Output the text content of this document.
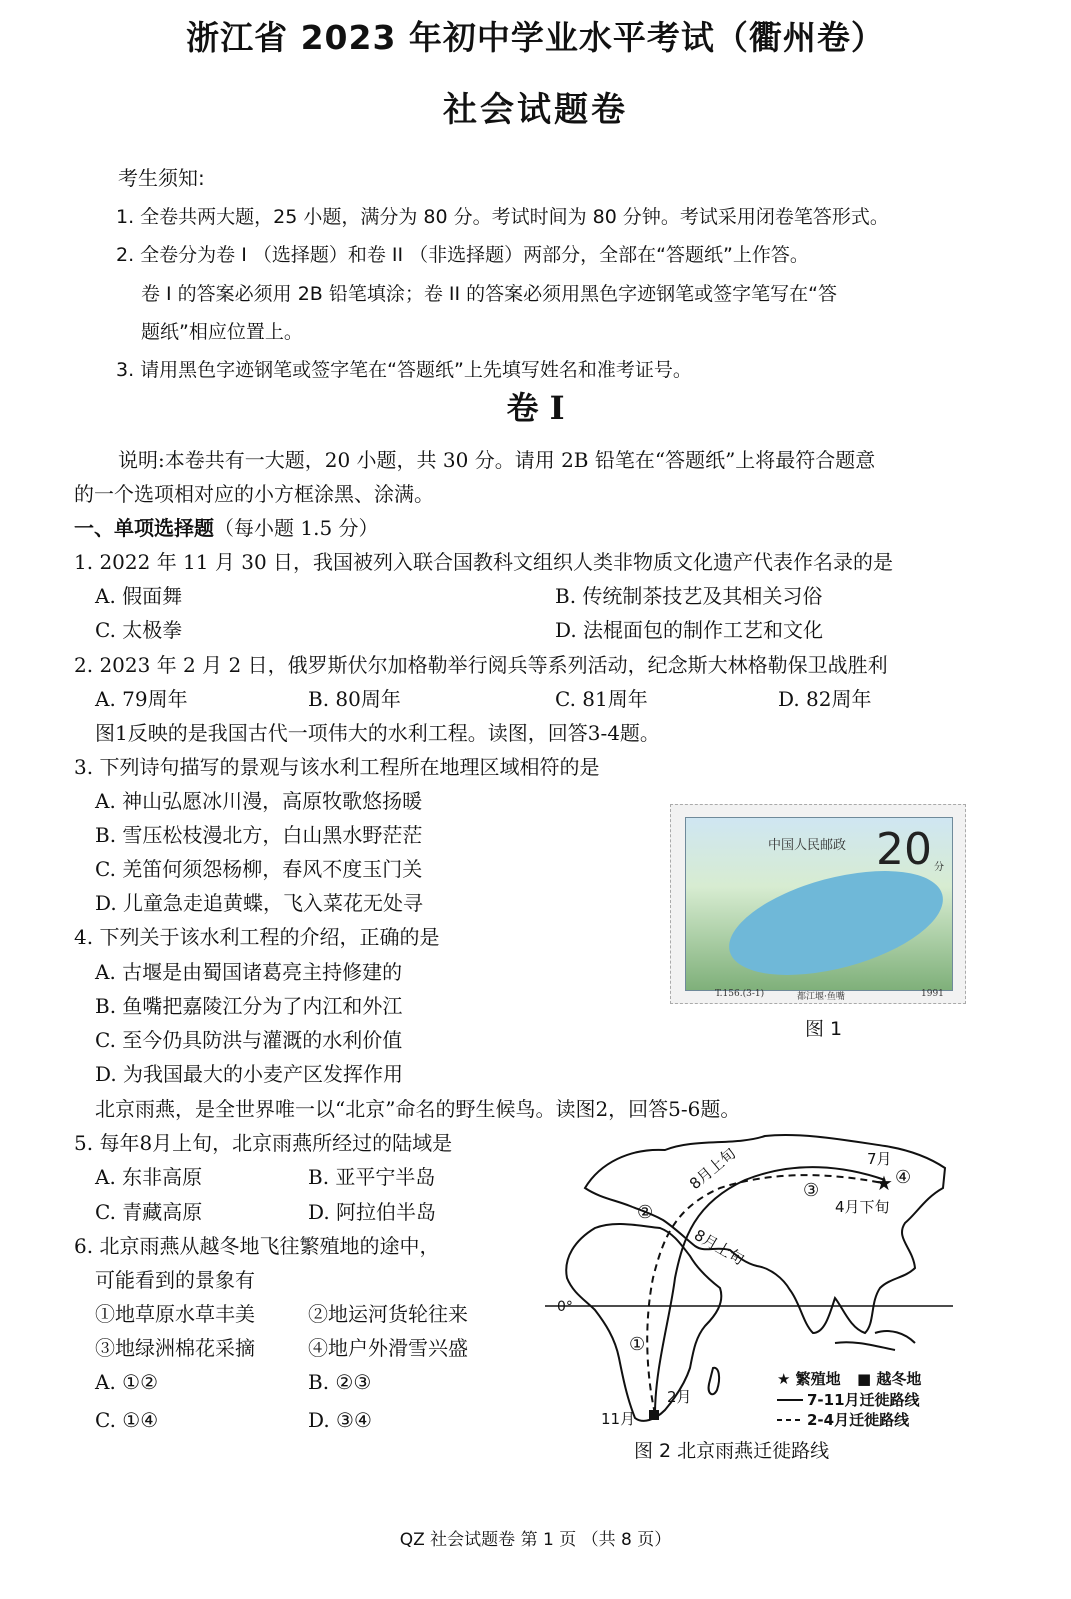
浙江省 2023 年初中学业水平考试（衢州卷）
社会试题卷
考生须知:
1. 全卷共两大题，25 小题，满分为 80 分。考试时间为 80 分钟。考试采用闭卷笔答形式。
2. 全卷分为卷 I （选择题）和卷 II （非选择题）两部分，全部在“答题纸”上作答。
卷 I 的答案必须用 2B 铅笔填涂；卷 II 的答案必须用黑色字迹钢笔或签字笔写在“答
题纸”相应位置上。
3. 请用黑色字迹钢笔或签字笔在“答题纸”上先填写姓名和准考证号。
卷 I
说明:本卷共有一大题，20 小题，共 30 分。请用 2B 铅笔在“答题纸”上将最符合题意
的一个选项相对应的小方框涂黑、涂满。
一、单项选择题（每小题 1.5 分）
1. 2022 年 11 月 30 日，我国被列入联合国教科文组织人类非物质文化遗产代表作名录的是
A. 假面舞	B. 传统制茶技艺及其相关习俗
C. 太极拳	D. 法棍面包的制作工艺和文化
2. 2023 年 2 月 2 日，俄罗斯伏尔加格勒举行阅兵等系列活动，纪念斯大林格勒保卫战胜利
A. 79周年	B. 80周年	C. 81周年	D. 82周年
图1反映的是我国古代一项伟大的水利工程。读图，回答3-4题。
3. 下列诗句描写的景观与该水利工程所在地理区域相符的是
A. 神山弘愿冰川漫，高原牧歌悠扬暖
B. 雪压松枝漫北方，白山黑水野茫茫
C. 羌笛何须怨杨柳，春风不度玉门关
D. 儿童急走追黄蝶，飞入菜花无处寻
4. 下列关于该水利工程的介绍，正确的是
A. 古堰是由蜀国诸葛亮主持修建的
B. 鱼嘴把嘉陵江分为了内江和外江
C. 至今仍具防洪与灌溉的水利价值
D. 为我国最大的小麦产区发挥作用
中国人民邮政 20 分
T.156.(3-1)	都江堰·鱼嘴	1991
图 1
北京雨燕，是全世界唯一以“北京”命名的野生候鸟。读图2，回答5-6题。
5. 每年8月上旬，北京雨燕所经过的陆域是
A. 东非高原	B. 亚平宁半岛
C. 青藏高原	D. 阿拉伯半岛
6. 北京雨燕从越冬地飞往繁殖地的途中，
可能看到的景象有
①地草原水草丰美	②地运河货轮往来
③地绿洲棉花采摘	④地户外滑雪兴盛
A. ①②	B. ②③
C. ①④	D. ③④
★
7月
8月上旬
8月上旬
4月下旬
2月
11月
0°
①
②
③
④
★ 繁殖地 ■ 越冬地
7-11月迁徙路线
2-4月迁徙路线
图 2 北京雨燕迁徙路线
QZ 社会试题卷 第 1 页 （共 8 页）
